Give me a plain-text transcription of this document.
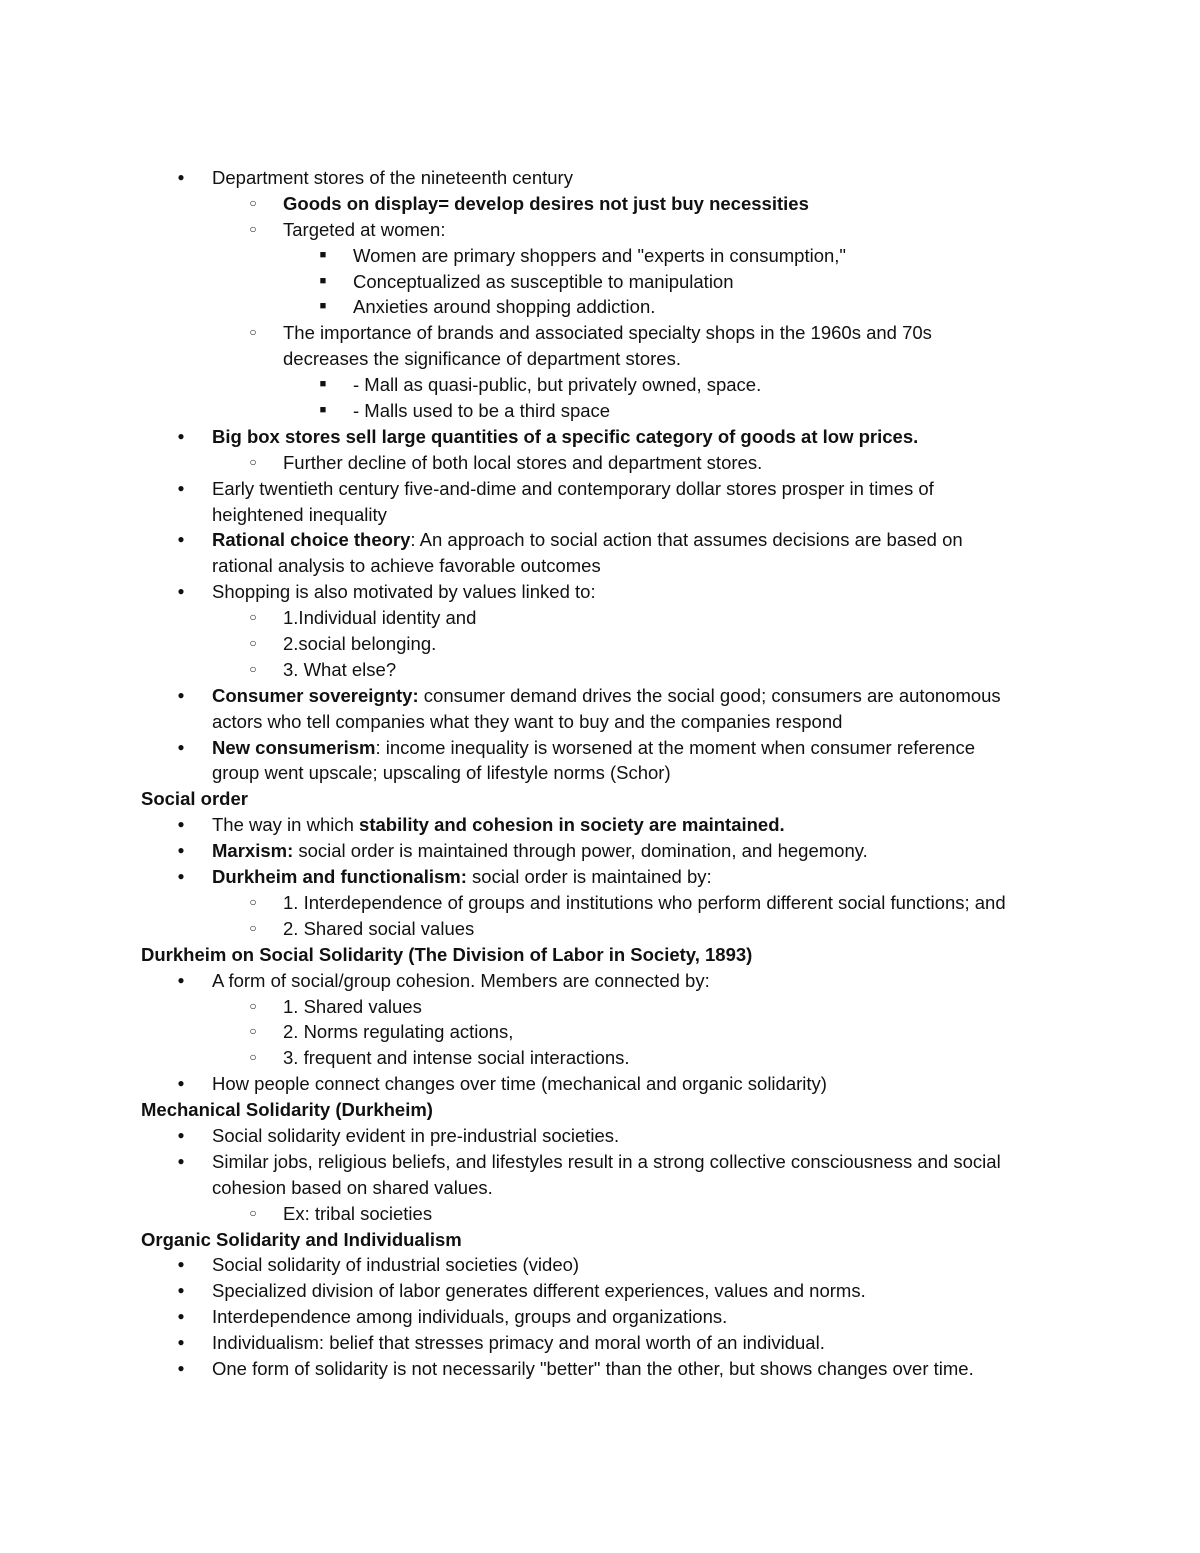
●	Department stores of the nineteenth century
○	Goods on display= develop desires not just buy necessities
○	Targeted at women:
■	Women are primary shoppers and "experts in consumption,"
■	Conceptualized as susceptible to manipulation
■	Anxieties around shopping addiction.
○	The importance of brands and associated specialty shops in the 1960s and 70s
decreases the significance of department stores.
■	- Mall as quasi-public, but privately owned, space.
■	- Malls used to be a third space
●	Big box stores sell large quantities of a specific category of goods at low prices.
○	Further decline of both local stores and department stores.
●	Early twentieth century five-and-dime and contemporary dollar stores prosper in times of
heightened inequality
●	Rational choice theory: An approach to social action that assumes decisions are based on
rational analysis to achieve favorable outcomes
●	Shopping is also motivated by values linked to:
○	1.Individual identity and
○	2.social belonging.
○	3. What else?
●	Consumer sovereignty: consumer demand drives the social good; consumers are autonomous
actors who tell companies what they want to buy and the companies respond
●	New consumerism: income inequality is worsened at the moment when consumer reference
group went upscale; upscaling of lifestyle norms (Schor)
Social order
●	The way in which stability and cohesion in society are maintained.
●	Marxism: social order is maintained through power, domination, and hegemony.
●	Durkheim and functionalism: social order is maintained by:
○	1. Interdependence of groups and institutions who perform different social functions; and
○	2. Shared social values
Durkheim on Social Solidarity (The Division of Labor in Society, 1893)
●	A form of social/group cohesion. Members are connected by:
○	1. Shared values
○	2. Norms regulating actions,
○	3. frequent and intense social interactions.
●	How people connect changes over time (mechanical and organic solidarity)
Mechanical Solidarity (Durkheim)
●	Social solidarity evident in pre-industrial societies.
●	Similar jobs, religious beliefs, and lifestyles result in a strong collective consciousness and social
cohesion based on shared values.
○	Ex: tribal societies
Organic Solidarity and Individualism
●	Social solidarity of industrial societies (video)
●	Specialized division of labor generates different experiences, values and norms.
●	Interdependence among individuals, groups and organizations.
●	Individualism: belief that stresses primacy and moral worth of an individual.
●	One form of solidarity is not necessarily "better" than the other, but shows changes over time.
